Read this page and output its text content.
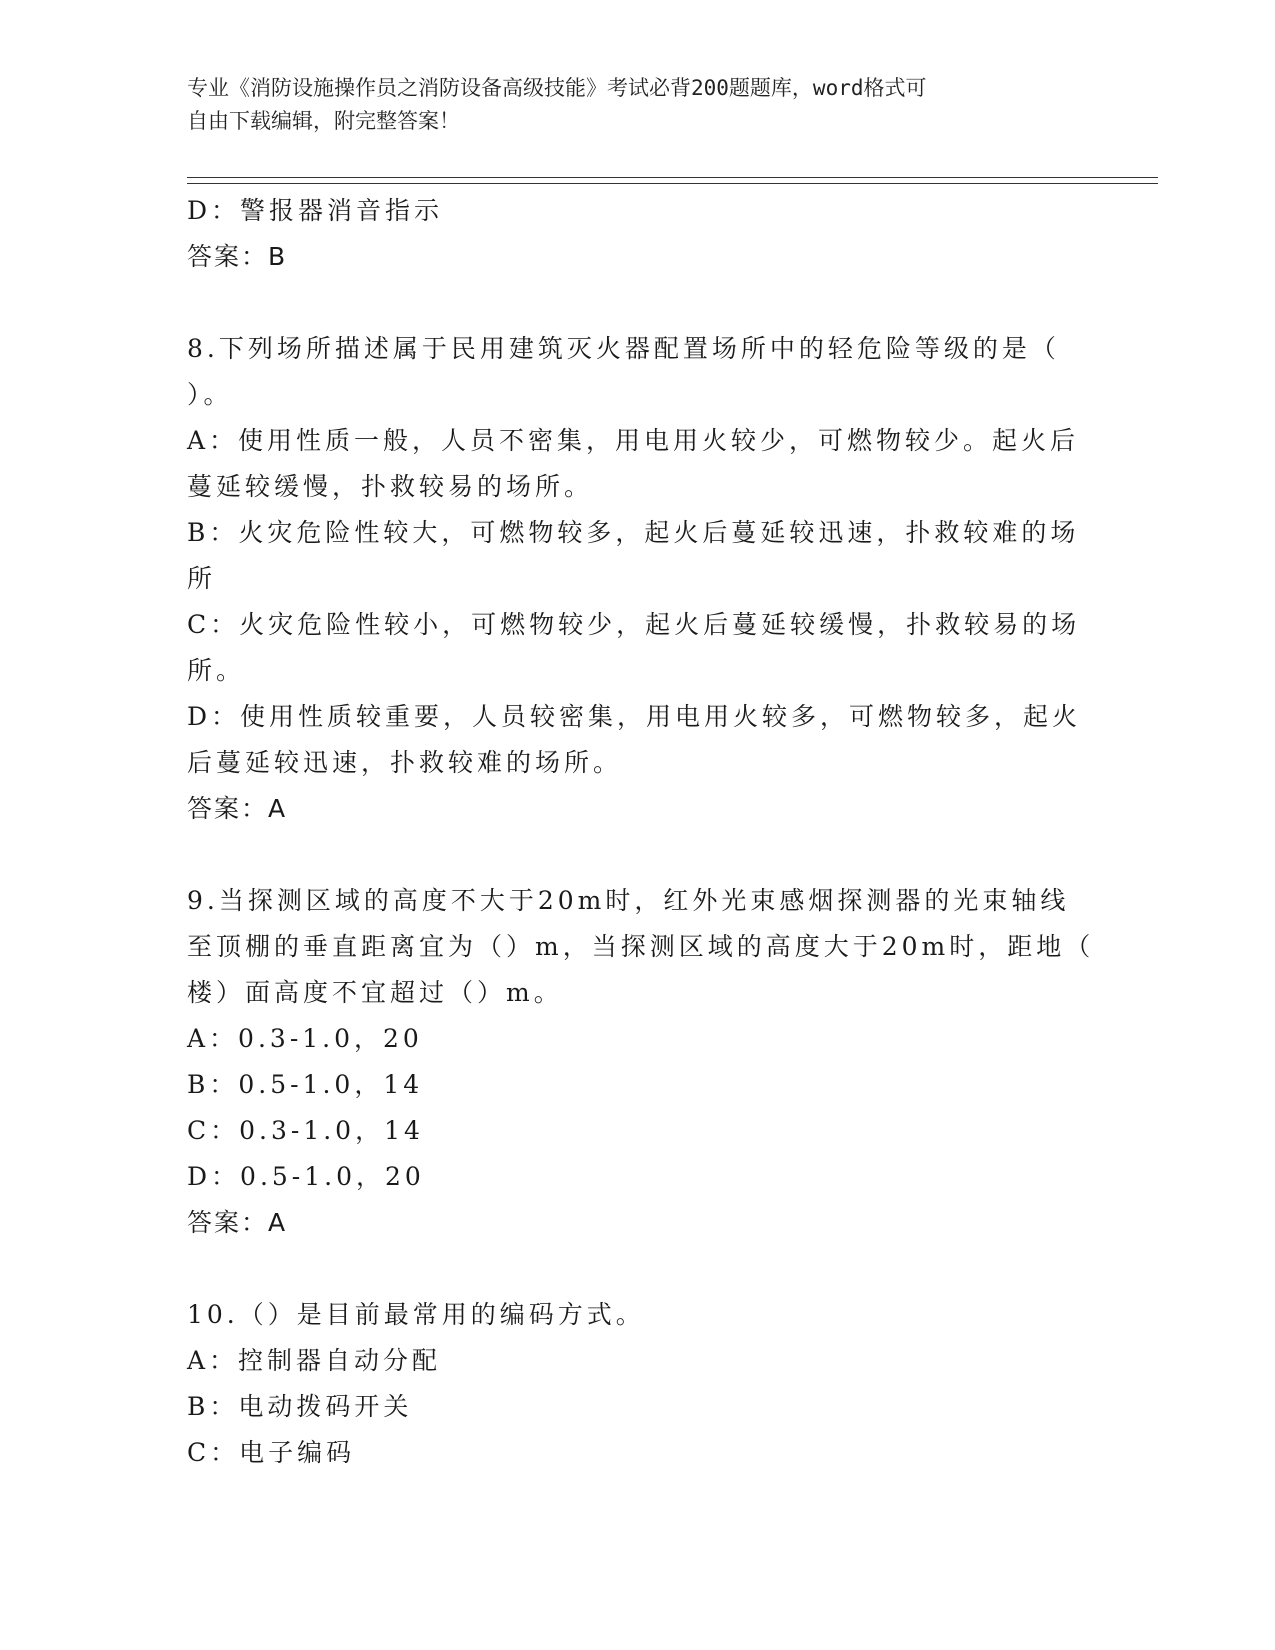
专业《消防设施操作员之消防设备高级技能》考试必背200题题库，word格式可
自由下载编辑，附完整答案！
D：警报器消音指示
答案：B
8.下列场所描述属于民用建筑灭火器配置场所中的轻危险等级的是（
）。
A：使用性质一般，人员不密集，用电用火较少，可燃物较少。起火后
蔓延较缓慢，扑救较易的场所。
B：火灾危险性较大，可燃物较多，起火后蔓延较迅速，扑救较难的场
所
C：火灾危险性较小，可燃物较少，起火后蔓延较缓慢，扑救较易的场
所。
D：使用性质较重要，人员较密集，用电用火较多，可燃物较多，起火
后蔓延较迅速，扑救较难的场所。
答案：A
9.当探测区域的高度不大于20m时，红外光束感烟探测器的光束轴线
至顶棚的垂直距离宜为（）m，当探测区域的高度大于20m时，距地（
楼）面高度不宜超过（）m。
A：0.3-1.0，20
B：0.5-1.0，14
C：0.3-1.0，14
D：0.5-1.0，20
答案：A
10.（）是目前最常用的编码方式。
A：控制器自动分配
B：电动拨码开关
C：电子编码
